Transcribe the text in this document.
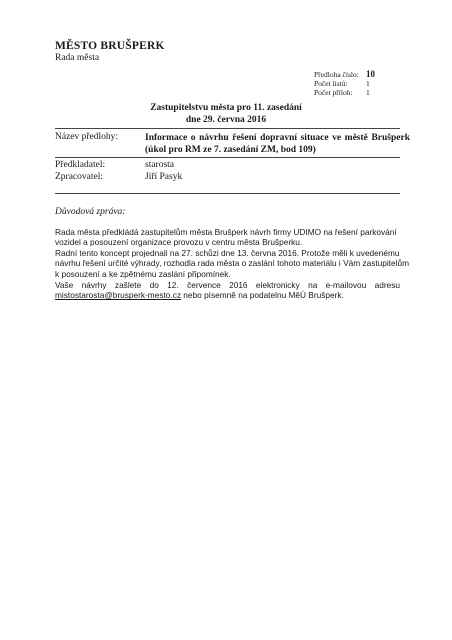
MĚSTO BRUŠPERK
Rada města
Předloha číslo: 10
Počet listů: 1
Počet příloh: 1
Zastupitelstvu města pro 11. zasedání
dne 29. června 2016
Název předlohy:	Informace o návrhu řešení dopravní situace ve městě Brušperk (úkol pro RM ze 7. zasedání ZM, bod 109)
Předkladatel:	starosta
Zpracovatel:	Jiří Pasyk
Důvodová zpráva:
Rada města předkládá zastupitelům města Brušperk návrh firmy UDIMO na řešení parkování
vozidel a posouzení organizace provozu v centru města Brušperku.
Radní tento koncept projednali na 27. schůzi dne 13. června 2016. Protože měli k uvedenému
návrhu řešení určité výhrady, rozhodla rada města o zaslání tohoto materiálu i Vám zastupitelům
k posouzení a ke zpětnému zaslání připomínek.
Vaše návrhy zašlete do 12. července 2016 elektronicky na e-mailovou adresu
mistostarosta@brusperk-mesto.cz nebo písemně na podatelnu MěÚ Brušperk.
